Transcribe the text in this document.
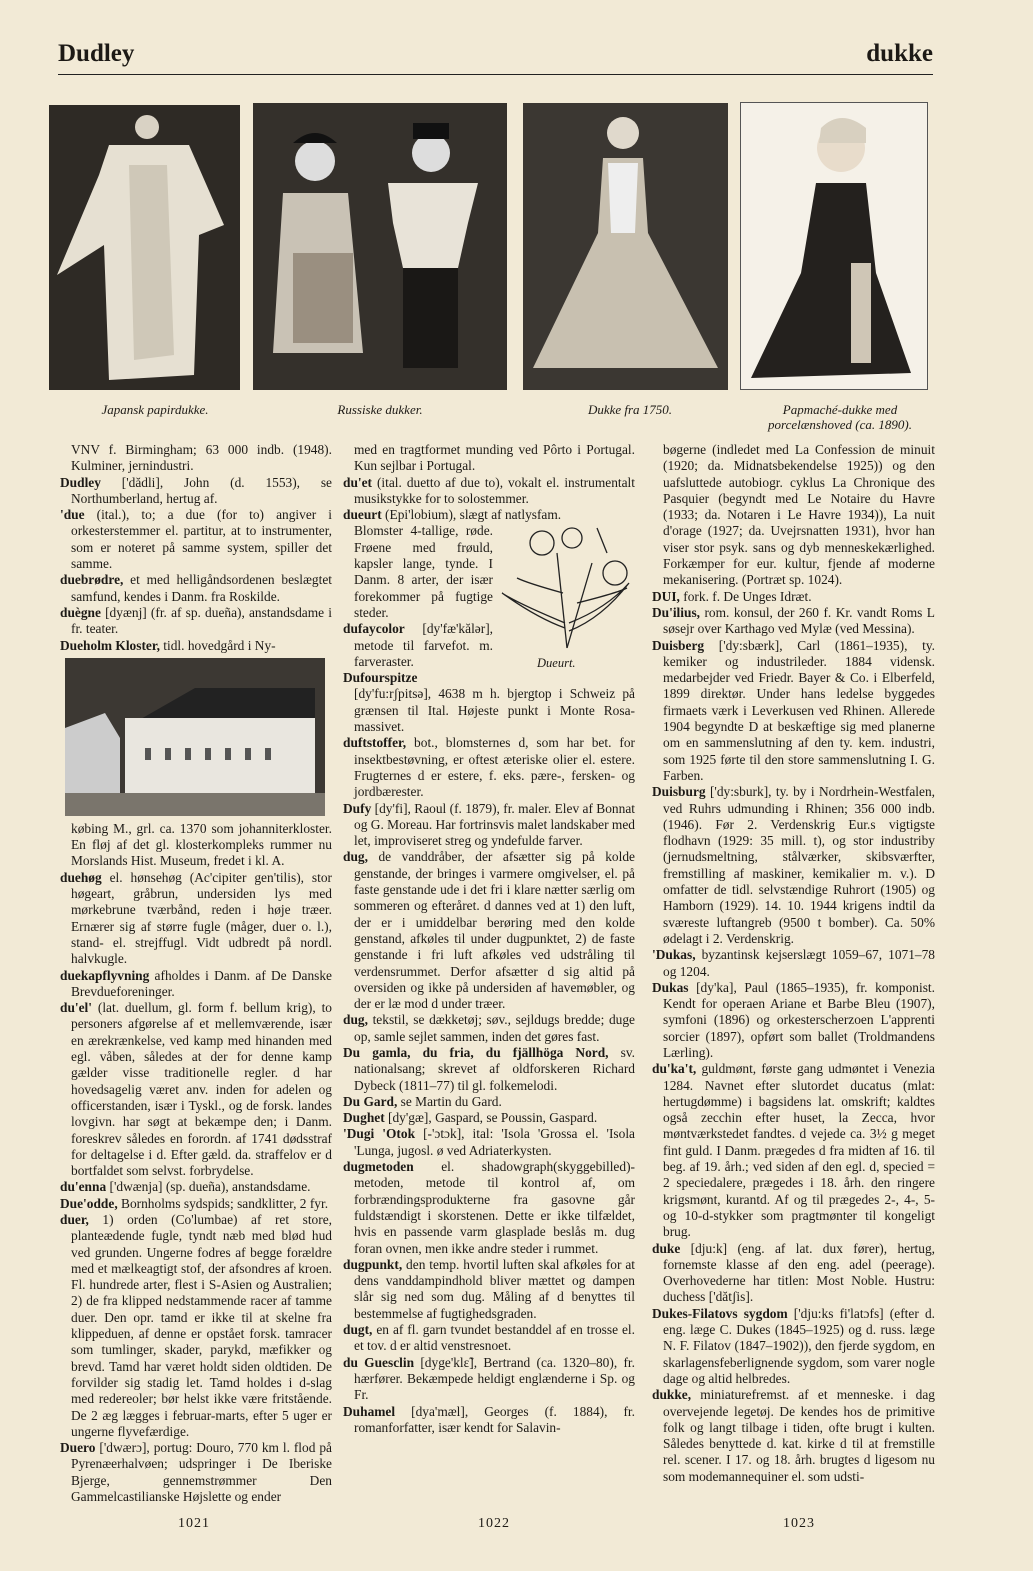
Dudley	dukke
Japansk papirdukke.	Russiske dukker.	Dukke fra 1750.	Papmaché-dukke med porcelænshoved (ca. 1890).

VNV f. Birmingham; 63 000 indb. (1948). Kulminer, jernindustri.

Dudley ['dădli], John (d. 1553), se Northumberland, hertug af.

'due (ital.), to; a due (for to) angiver i orkesterstemmer el. partitur, at to instrumenter, som er noteret på samme system, spiller det samme.

duebrødre, et med helligåndsordenen beslægtet samfund, kendes i Danm. fra Roskilde.

duègne [dyænj] (fr. af sp. dueña), anstandsdame i fr. teater.

Dueholm Kloster, tidl. hovedgård i Ny-

købing M., grl. ca. 1370 som johanniterkloster. En fløj af det gl. klosterkompleks rummer nu Morslands Hist. Museum, fredet i kl. A.

duehøg el. hønsehøg (Ac'cipiter gen'tilis), stor høgeart, gråbrun, undersiden lys med mørkebrune tværbånd, reden i høje træer. Ernærer sig af større fugle (måger, duer o. l.), stand- el. strejffugl. Vidt udbredt på nordl. halvkugle.

duekapflyvning afholdes i Danm. af De Danske Brevdueforeninger.

du'el' (lat. duellum, gl. form f. bellum krig), to personers afgørelse af et mellemværende, især en ærekrænkelse, ved kamp med hinanden med egl. våben, således at der for denne kamp gælder visse traditionelle regler. d har hovedsagelig været anv. inden for adelen og officerstanden, især i Tyskl., og de forsk. landes lovgivn. har søgt at bekæmpe den; i Danm. foreskrev således en forordn. af 1741 dødsstraf for deltagelse i d. Efter gæld. da. straffelov er d bortfaldet som selvst. forbrydelse.

du'enna ['dwænja] (sp. dueña), anstandsdame.

Due'odde, Bornholms sydspids; sandklitter, 2 fyr.

duer, 1) orden (Co'lumbae) af ret store, planteædende fugle, tyndt næb med blød hud ved grunden. Ungerne fodres af begge forældre med et mælkeagtigt stof, der afsondres af kroen. Fl. hundrede arter, flest i S-Asien og Australien; 2) de fra klipped nedstammende racer af tamme duer. Den opr. tamd er ikke til at skelne fra klippeduen, af denne er opstået forsk. tamracer som tumlinger, skader, parykd, mæfikker og brevd. Tamd har været holdt siden oldtiden. De forvilder sig stadig let. Tamd holdes i d-slag med redereoler; bør helst ikke være fritstående. De 2 æg lægges i februar-marts, efter 5 uger er ungerne flyvefærdige.

Duero ['dwærɔ], portug: Douro, 770 km l. flod på Pyrenæerhalvøen; udspringer i De Iberiske Bjerge, gennemstrømmer Den Gammelcastilianske Højslette og ender

med en tragtformet munding ved Pôrto i Portugal. Kun sejlbar i Portugal.

du'et (ital. duetto af due to), vokalt el. instrumentalt musikstykke for to solostemmer.

dueurt (Epi'lobium), slægt af natlysfam.

Dueurt.

Blomster 4-tallige, røde. Frøene med frøuld, kapsler lange, tynde. I Danm. 8 arter, der især forekommer på fugtige steder.

dufaycolor [dy'fæ'kălər], metode til farvefot. m. farveraster.

Dufourspitze [dy'fu:rʃpitsə], 4638 m h. bjergtop i Schweiz på grænsen til Ital. Højeste punkt i Monte Rosa-massivet.

duftstoffer, bot., blomsternes d, som har bet. for insektbestøvning, er oftest æteriske olier el. estere. Frugternes d er estere, f. eks. pære-, fersken- og jordbærester.

Dufy [dy'fi], Raoul (f. 1879), fr. maler. Elev af Bonnat og G. Moreau. Har fortrinsvis malet landskaber med let, improviseret streg og yndefulde farver.

dug, de vanddråber, der afsætter sig på kolde genstande, der bringes i varmere omgivelser, el. på faste genstande ude i det fri i klare nætter særlig om sommeren og efteråret. d dannes ved at 1) den luft, der er i umiddelbar berøring med den kolde genstand, afkøles til under dugpunktet, 2) de faste genstande i fri luft afkøles ved udstråling til verdensrummet. Derfor afsætter d sig altid på oversiden og ikke på undersiden af havemøbler, og der er læ mod d under træer.

dug, tekstil, se dækketøj; søv., sejldugs bredde; duge op, samle sejlet sammen, inden det gøres fast.

Du gamla, du fria, du fjällhöga Nord, sv. nationalsang; skrevet af oldforskeren Richard Dybeck (1811–77) til gl. folkemelodi.

Du Gard, se Martin du Gard.

Dughet [dy'gæ], Gaspard, se Poussin, Gaspard.

'Dugi 'Otok [-'ɔtɔk], ital: 'Isola 'Grossa el. 'Isola 'Lunga, jugosl. ø ved Adriaterkysten.

dugmetoden el. shadowgraph(skyggebilled)-metoden, metode til kontrol af, om forbrændingsprodukterne fra gasovne går fuldstændigt i skorstenen. Dette er ikke tilfældet, hvis en passende varm glasplade beslås m. dug foran ovnen, men ikke andre steder i rummet.

dugpunkt, den temp. hvortil luften skal afkøles for at dens vanddampindhold bliver mættet og dampen slår sig ned som dug. Måling af d benyttes til bestemmelse af fugtighedsgraden.

dugt, en af fl. garn tvundet bestanddel af en trosse el. et tov. d er altid venstresnoet.

du Guesclin [dyge'klɛ̃], Bertrand (ca. 1320–80), fr. hærfører. Bekæmpede heldigt englænderne i Sp. og Fr.

Duhamel [dya'mæl], Georges (f. 1884), fr. romanforfatter, især kendt for Salavin-

bøgerne (indledet med La Confession de minuit (1920; da. Midnatsbekendelse 1925)) og den uafsluttede autobiogr. cyklus La Chronique des Pasquier (begyndt med Le Notaire du Havre (1933; da. Notaren i Le Havre 1934)), La nuit d'orage (1927; da. Uvejrsnatten 1931), hvor han viser stor psyk. sans og dyb menneskekærlighed. Forkæmper for eur. kultur, fjende af moderne mekanisering. (Portræt sp. 1024).

DUI, fork. f. De Unges Idræt.

Du'ilius, rom. konsul, der 260 f. Kr. vandt Roms L søsejr over Karthago ved Mylæ (ved Messina).

Duisberg ['dy:sbærk], Carl (1861–1935), ty. kemiker og industrileder. 1884 vidensk. medarbejder ved Friedr. Bayer & Co. i Elberfeld, 1899 direktør. Under hans ledelse byggedes firmaets værk i Leverkusen ved Rhinen. Allerede 1904 begyndte D at beskæftige sig med planerne om en sammenslutning af den ty. kem. industri, som 1925 førte til den store sammenslutning I. G. Farben.

Duisburg ['dy:sburk], ty. by i Nordrhein-Westfalen, ved Ruhrs udmunding i Rhinen; 356 000 indb. (1946). Før 2. Verdenskrig Eur.s vigtigste flodhavn (1929: 35 mill. t), og stor industriby (jernudsmeltning, stålværker, skibsværfter, fremstilling af maskiner, kemikalier m. v.). D omfatter de tidl. selvstændige Ruhrort (1905) og Hamborn (1929). 14. 10. 1944 krigens indtil da sværeste luftangreb (9500 t bomber). Ca. 50% ødelagt i 2. Verdenskrig.

'Dukas, byzantinsk kejserslægt 1059–67, 1071–78 og 1204.

Dukas [dy'ka], Paul (1865–1935), fr. komponist. Kendt for operaen Ariane et Barbe Bleu (1907), symfoni (1896) og orkesterscherzoen L'apprenti sorcier (1897), opført som ballet (Troldmandens Lærling).

du'ka't, guldmønt, første gang udmøntet i Venezia 1284. Navnet efter slutordet ducatus (mlat: hertugdømme) i bagsidens lat. omskrift; kaldtes også zecchin efter huset, la Zecca, hvor møntværkstedet fandtes. d vejede ca. 3½ g meget fint guld. I Danm. prægedes d fra midten af 16. til beg. af 19. årh.; ved siden af den egl. d, specied = 2 speciedalere, prægedes i 18. årh. den ringere krigsmønt, kurantd. Af og til prægedes 2-, 4-, 5- og 10-d-stykker som pragtmønter til kongeligt brug.

duke [dju:k] (eng. af lat. dux fører), hertug, fornemste klasse af den eng. adel (peerage). Overhovederne har titlen: Most Noble. Hustru: duchess ['dătʃis].

Dukes-Filatovs sygdom ['dju:ks fi'latɔfs] (efter d. eng. læge C. Dukes (1845–1925) og d. russ. læge N. F. Filatov (1847–1902)), den fjerde sygdom, en skarlagensfeberlignende sygdom, som varer nogle dage og altid helbredes.

dukke, miniaturefremst. af et menneske. i dag overvejende legetøj. De kendes hos de primitive folk og langt tilbage i tiden, ofte brugt i kulten. Således benyttede d. kat. kirke d til at fremstille rel. scener. I 17. og 18. årh. brugtes d ligesom nu som modemannequiner el. som udsti-

1021	1022	1023
